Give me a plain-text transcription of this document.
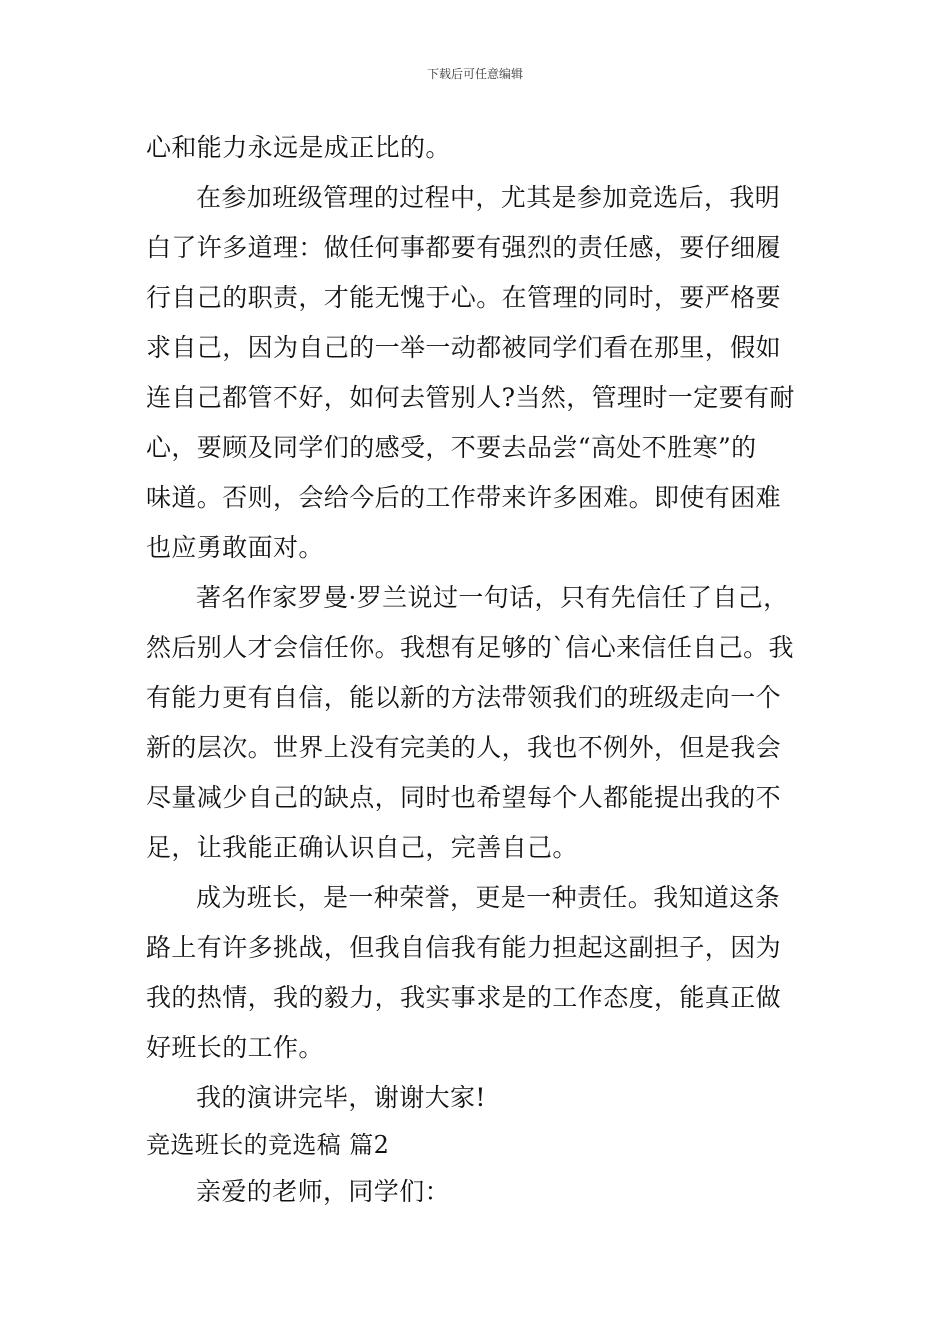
下载后可任意编辑
心和能力永远是成正比的。
在参加班级管理的过程中，尤其是参加竞选后，我明
白了许多道理：做任何事都要有强烈的责任感，要仔细履
行自己的职责，才能无愧于心。在管理的同时，要严格要
求自己，因为自己的一举一动都被同学们看在那里，假如
连自己都管不好，如何去管别人?当然，管理时一定要有耐
心，要顾及同学们的感受，不要去品尝“高处不胜寒”的
味道。否则，会给今后的工作带来许多困难。即使有困难
也应勇敢面对。
著名作家罗曼·罗兰说过一句话，只有先信任了自己，
然后别人才会信任你。我想有足够的`信心来信任自己。我
有能力更有自信，能以新的方法带领我们的班级走向一个
新的层次。世界上没有完美的人，我也不例外，但是我会
尽量减少自己的缺点，同时也希望每个人都能提出我的不
足，让我能正确认识自己，完善自己。
成为班长，是一种荣誉，更是一种责任。我知道这条
路上有许多挑战，但我自信我有能力担起这副担子，因为
我的热情，我的毅力，我实事求是的工作态度，能真正做
好班长的工作。
我的演讲完毕，谢谢大家!
竞选班长的竞选稿 篇2
亲爱的老师，同学们：
